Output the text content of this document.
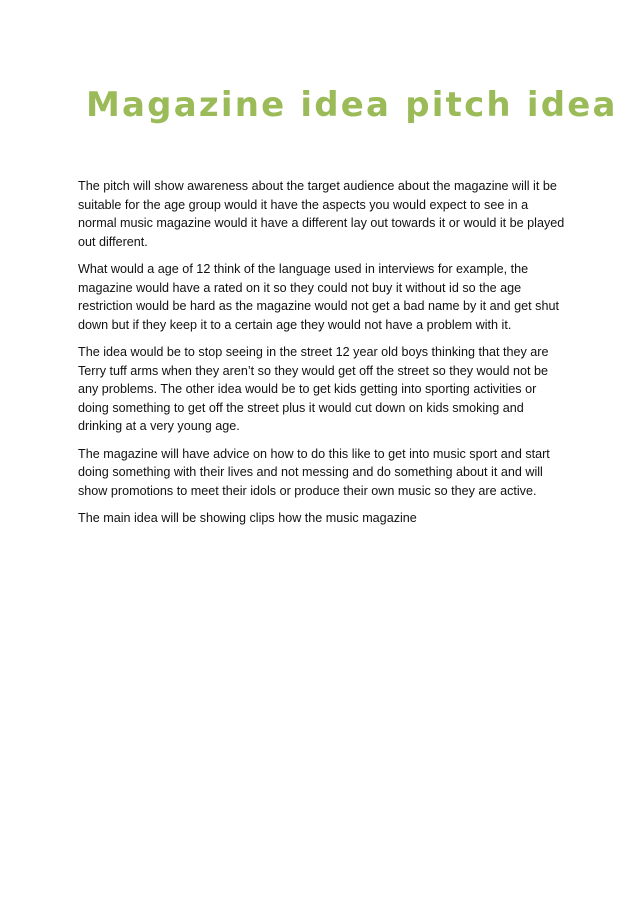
Magazine idea pitch idea

The pitch will show awareness about the target audience about the magazine will it be suitable for the age group would it have the aspects you would expect to see in a normal music magazine would it have a different lay out towards it or would it be played out different.

What would a age of 12 think of the language used in interviews for example, the magazine would have a rated on it so they could not buy it without id so the age restriction would be hard as the magazine would not get a bad name by it and get shut down but if they keep it to a certain age they would not have a problem with it.

The idea would be to stop seeing in the street 12 year old boys thinking that they are Terry tuff arms when they aren’t so they would get off the street so they would not be any problems. The other idea would be to get kids getting into sporting activities or doing something to get off the street plus it would cut down on kids smoking and drinking at a very young age.

The magazine will have advice on how to do this like to get into music sport and start doing something with their lives and not messing and do something about it and will show promotions to meet their idols or produce their own music so they are active.

The main idea will be showing clips how the music magazine
